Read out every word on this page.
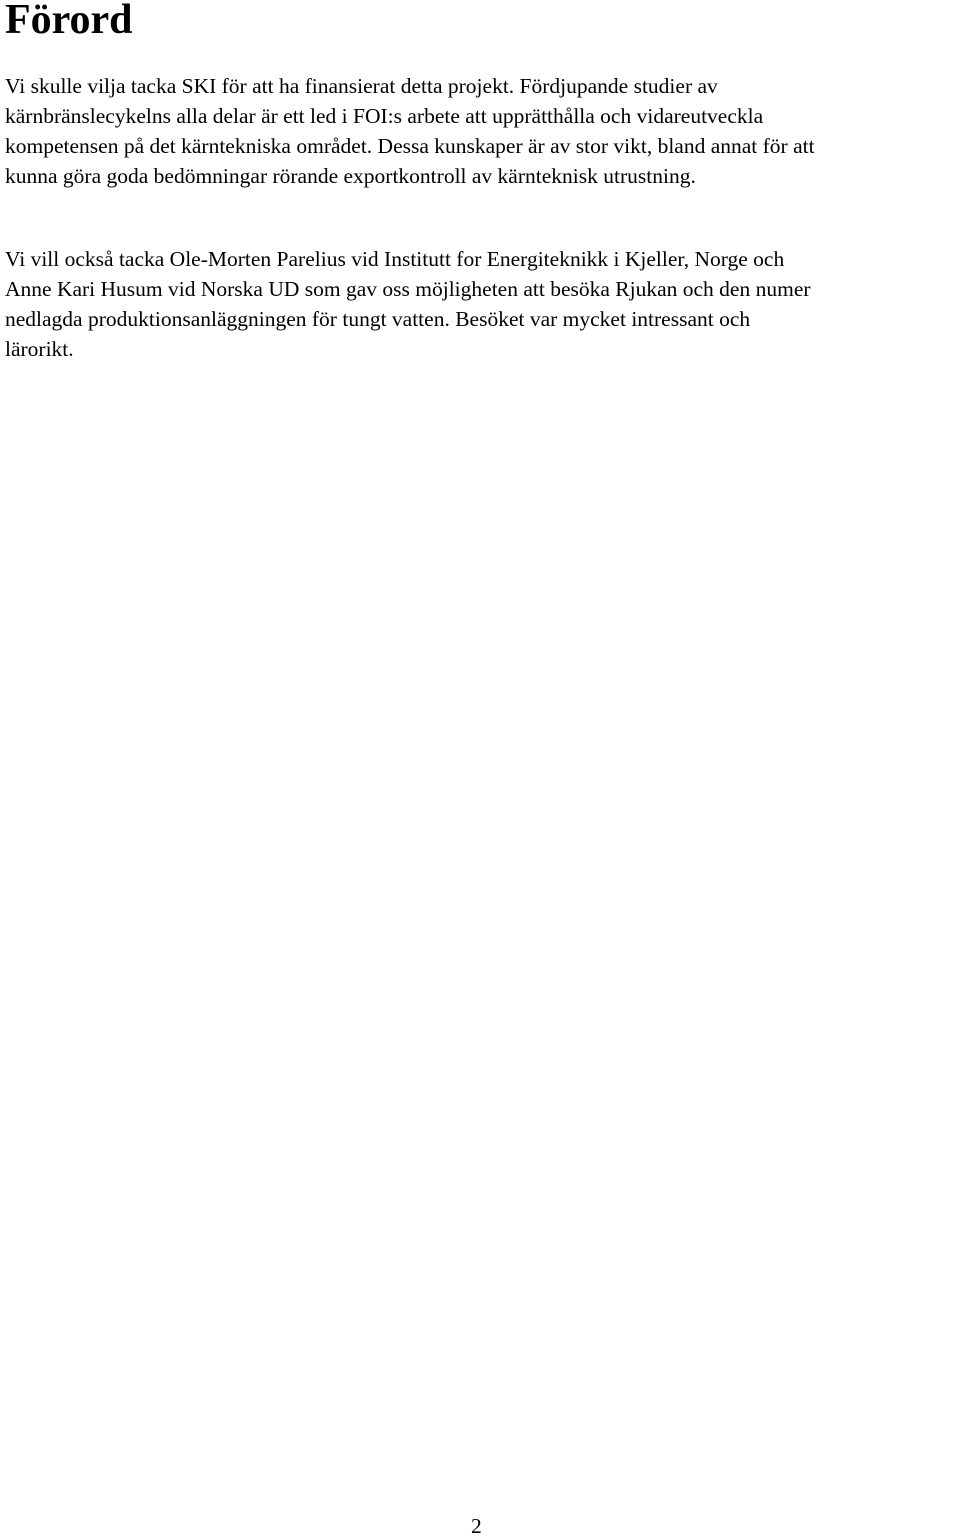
Förord

Vi skulle vilja tacka SKI för att ha finansierat detta projekt. Fördjupande studier av
kärnbränslecykelns alla delar är ett led i FOI:s arbete att upprätthålla och vidareutveckla
kompetensen på det kärntekniska området. Dessa kunskaper är av stor vikt, bland annat för att
kunna göra goda bedömningar rörande exportkontroll av kärnteknisk utrustning.

Vi vill också tacka Ole-Morten Parelius vid Institutt for Energiteknikk i Kjeller, Norge och
Anne Kari Husum vid Norska UD som gav oss möjligheten att besöka Rjukan och den numer
nedlagda produktionsanläggningen för tungt vatten. Besöket var mycket intressant och
lärorikt.

2
